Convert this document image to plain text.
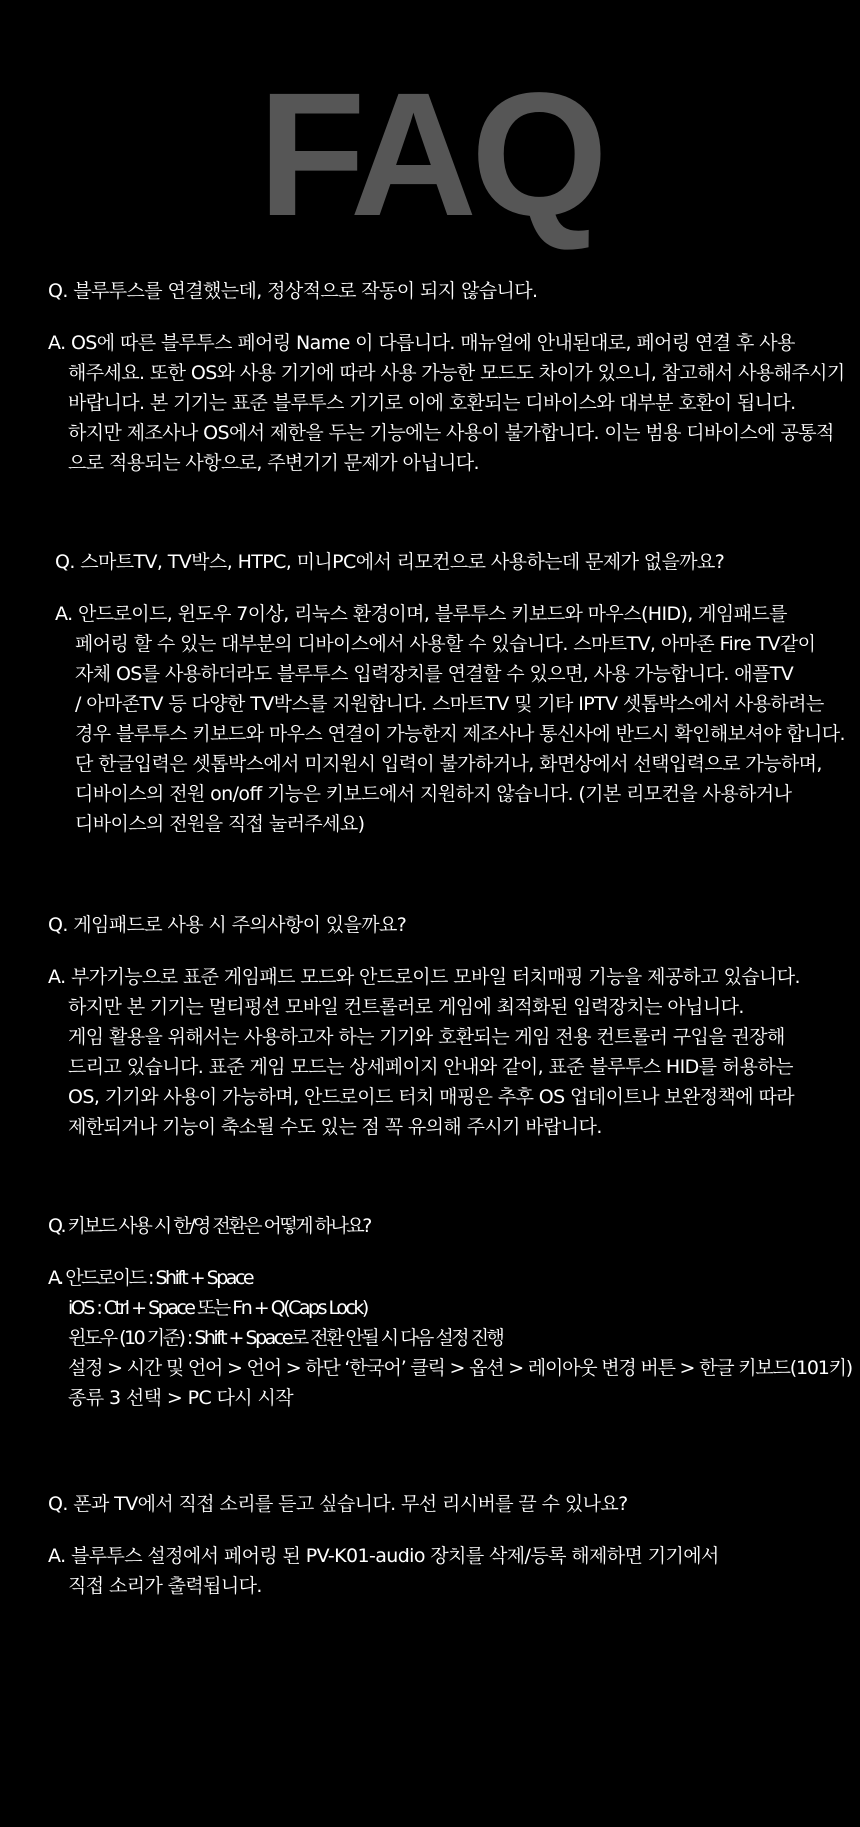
FAQ

Q. 블루투스를 연결했는데, 정상적으로 작동이 되지 않습니다.

A. OS에 따른 블루투스 페어링 Name 이 다릅니다. 매뉴얼에 안내된대로, 페어링 연결 후 사용

해주세요. 또한 OS와 사용 기기에 따라 사용 가능한 모드도 차이가 있으니, 참고해서 사용해주시기

바랍니다. 본 기기는 표준 블루투스 기기로 이에 호환되는 디바이스와 대부분 호환이 됩니다.

하지만 제조사나 OS에서 제한을 두는 기능에는 사용이 불가합니다. 이는 범용 디바이스에 공통적

으로 적용되는 사항으로, 주변기기 문제가 아닙니다.

Q. 스마트TV, TV박스, HTPC, 미니PC에서 리모컨으로 사용하는데 문제가 없을까요?

A. 안드로이드, 윈도우 7이상, 리눅스 환경이며, 블루투스 키보드와 마우스(HID), 게임패드를

페어링 할 수 있는 대부분의 디바이스에서 사용할 수 있습니다. 스마트TV, 아마존 Fire TV같이

자체 OS를 사용하더라도 블루투스 입력장치를 연결할 수 있으면, 사용 가능합니다. 애플TV

/ 아마존TV 등 다양한 TV박스를 지원합니다. 스마트TV 및 기타 IPTV 셋톱박스에서 사용하려는

경우 블루투스 키보드와 마우스 연결이 가능한지 제조사나 통신사에 반드시 확인해보셔야 합니다.

단 한글입력은 셋톱박스에서 미지원시 입력이 불가하거나, 화면상에서 선택입력으로 가능하며,

디바이스의 전원 on/off 기능은 키보드에서 지원하지 않습니다. (기본 리모컨을 사용하거나

디바이스의 전원을 직접 눌러주세요)

Q. 게임패드로 사용 시 주의사항이 있을까요?

A. 부가기능으로 표준 게임패드 모드와 안드로이드 모바일 터치매핑 기능을 제공하고 있습니다.

하지만 본 기기는 멀티펑션 모바일 컨트롤러로 게임에 최적화된 입력장치는 아닙니다.

게임 활용을 위해서는 사용하고자 하는 기기와 호환되는 게임 전용 컨트롤러 구입을 권장해

드리고 있습니다. 표준 게임 모드는 상세페이지 안내와 같이, 표준 블루투스 HID를 허용하는

OS, 기기와 사용이 가능하며, 안드로이드 터치 매핑은 추후 OS 업데이트나 보완정책에 따라

제한되거나 기능이 축소될 수도 있는 점 꼭 유의해 주시기 바랍니다.

Q. 키보드 사용 시 한/영 전환은 어떻게 하나요?

A. 안드로이드 : Shift + Space

iOS : Ctrl + Space 또는 Fn + Q(Caps Lock)

윈도우 (10 기준) : Shift + Space로 전환 안될 시 다음 설정 진행

설정 > 시간 및 언어 > 언어 > 하단 ‘한국어’ 클릭 > 옵션 > 레이아웃 변경 버튼 > 한글 키보드(101키)

종류 3 선택 > PC 다시 시작

Q. 폰과 TV에서 직접 소리를 듣고 싶습니다. 무선 리시버를 끌 수 있나요?

A. 블루투스 설정에서 페어링 된 PV-K01-audio 장치를 삭제/등록 해제하면 기기에서

직접 소리가 출력됩니다.
